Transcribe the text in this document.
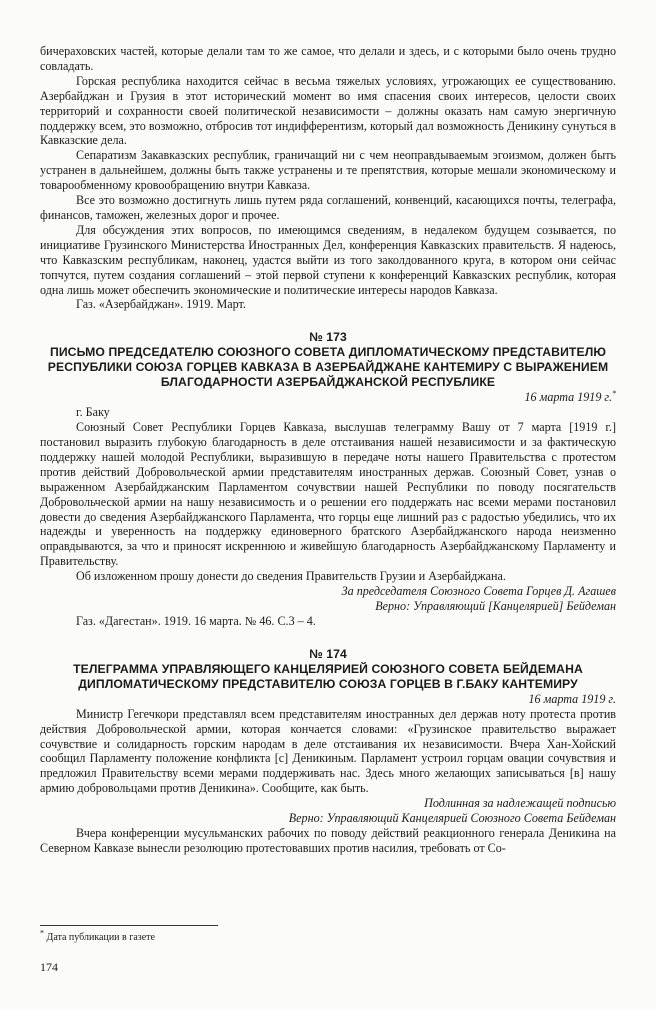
бичераховских частей, которые делали там то же самое, что делали и здесь, и с которыми было очень трудно совладать.

Горская республика находится сейчас в весьма тяжелых условиях, угрожающих ее существованию. Азербайджан и Грузия в этот исторический момент во имя спасения своих интересов, целости своих территорий и сохранности своей политической независимости – должны оказать нам самую энергичную поддержку всем, это возможно, отбросив тот индифферентизм, который дал возможность Деникину сунуться в Кавказские дела.

Сепаратизм Закавказских республик, граничащий ни с чем неоправдываемым эгоизмом, должен быть устранен в дальнейшем, должны быть также устранены и те препятствия, которые мешали экономическому и товарообменному кровообращению внутри Кавказа.

Все это возможно достигнуть лишь путем ряда соглашений, конвенций, касающихся почты, телеграфа, финансов, таможен, железных дорог и прочее.

Для обсуждения этих вопросов, по имеющимся сведениям, в недалеком будущем созывается, по инициативе Грузинского Министерства Иностранных Дел, конференция Кавказских правительств. Я надеюсь, что Кавказским республикам, наконец, удастся выйти из того заколдованного круга, в котором они сейчас топчутся, путем создания соглашений – этой первой ступени к конференций Кавказских республик, которая одна лишь может обеспечить экономические и политические интересы народов Кавказа.

Газ. «Азербайджан». 1919. Март.

№ 173
ПИСЬМО ПРЕДСЕДАТЕЛЮ СОЮЗНОГО СОВЕТА ДИПЛОМАТИЧЕСКОМУ ПРЕДСТАВИТЕЛЮ РЕСПУБЛИКИ СОЮЗА ГОРЦЕВ КАВКАЗА В АЗЕРБАЙДЖАНЕ КАНТЕМИРУ С ВЫРАЖЕНИЕМ БЛАГОДАРНОСТИ АЗЕРБАЙДЖАНСКОЙ РЕСПУБЛИКЕ
16 марта 1919 г.*

г. Баку

Союзный Совет Республики Горцев Кавказа, выслушав телеграмму Вашу от 7 марта [1919 г.] постановил выразить глубокую благодарность в деле отстаивания нашей независимости и за фактическую поддержку нашей молодой Республики, выразившую в передаче ноты нашего Правительства с протестом против действий Добровольческой армии представителям иностранных держав. Союзный Совет, узнав о выраженном Азербайджанским Парламентом сочувствии нашей Республики по поводу посягательств Добровольческой армии на нашу независимость и о решении его поддержать нас всеми мерами постановил довести до сведения Азербайджанского Парламента, что горцы еще лишний раз с радостью убедились, что их надежды и уверенность на поддержку единоверного братского Азербайджанского народа неизменно оправдываются, за что и приносят искреннюю и живейшую благодарность Азербайджанскому Парламенту и Правительству.

Об изложенном прошу донести до сведения Правительств Грузии и Азербайджана.

За председателя Союзного Совета Горцев Д. Агашев
Верно: Управляющий [Канцелярией] Бейдеман

Газ. «Дагестан». 1919. 16 марта. № 46. С.3 – 4.

№ 174
ТЕЛЕГРАММА УПРАВЛЯЮЩЕГО КАНЦЕЛЯРИЕЙ СОЮЗНОГО СОВЕТА БЕЙДЕМАНА ДИПЛОМАТИЧЕСКОМУ ПРЕДСТАВИТЕЛЮ СОЮЗА ГОРЦЕВ В Г.БАКУ КАНТЕМИРУ
16 марта 1919 г.

Министр Гегечкори представлял всем представителям иностранных дел держав ноту протеста против действия Добровольческой армии, которая кончается словами: «Грузинское правительство выражает сочувствие и солидарность горским народам в деле отстаивания их независимости. Вчера Хан-Хойский сообщил Парламенту положение конфликта [с] Деникиным. Парламент устроил горцам овации сочувствия и предложил Правительству всеми мерами поддерживать нас. Здесь много желающих записываться [в] нашу армию добровольцами против Деникина». Сообщите, как быть.

Подлинная за надлежащей подписью
Верно: Управляющий Канцелярией Союзного Совета Бейдеман

Вчера конференции мусульманских рабочих по поводу действий реакционного генерала Деникина на Северном Кавказе вынесли резолюцию протестовавших против насилия, требовать от Со-

* Дата публикации в газете
174
